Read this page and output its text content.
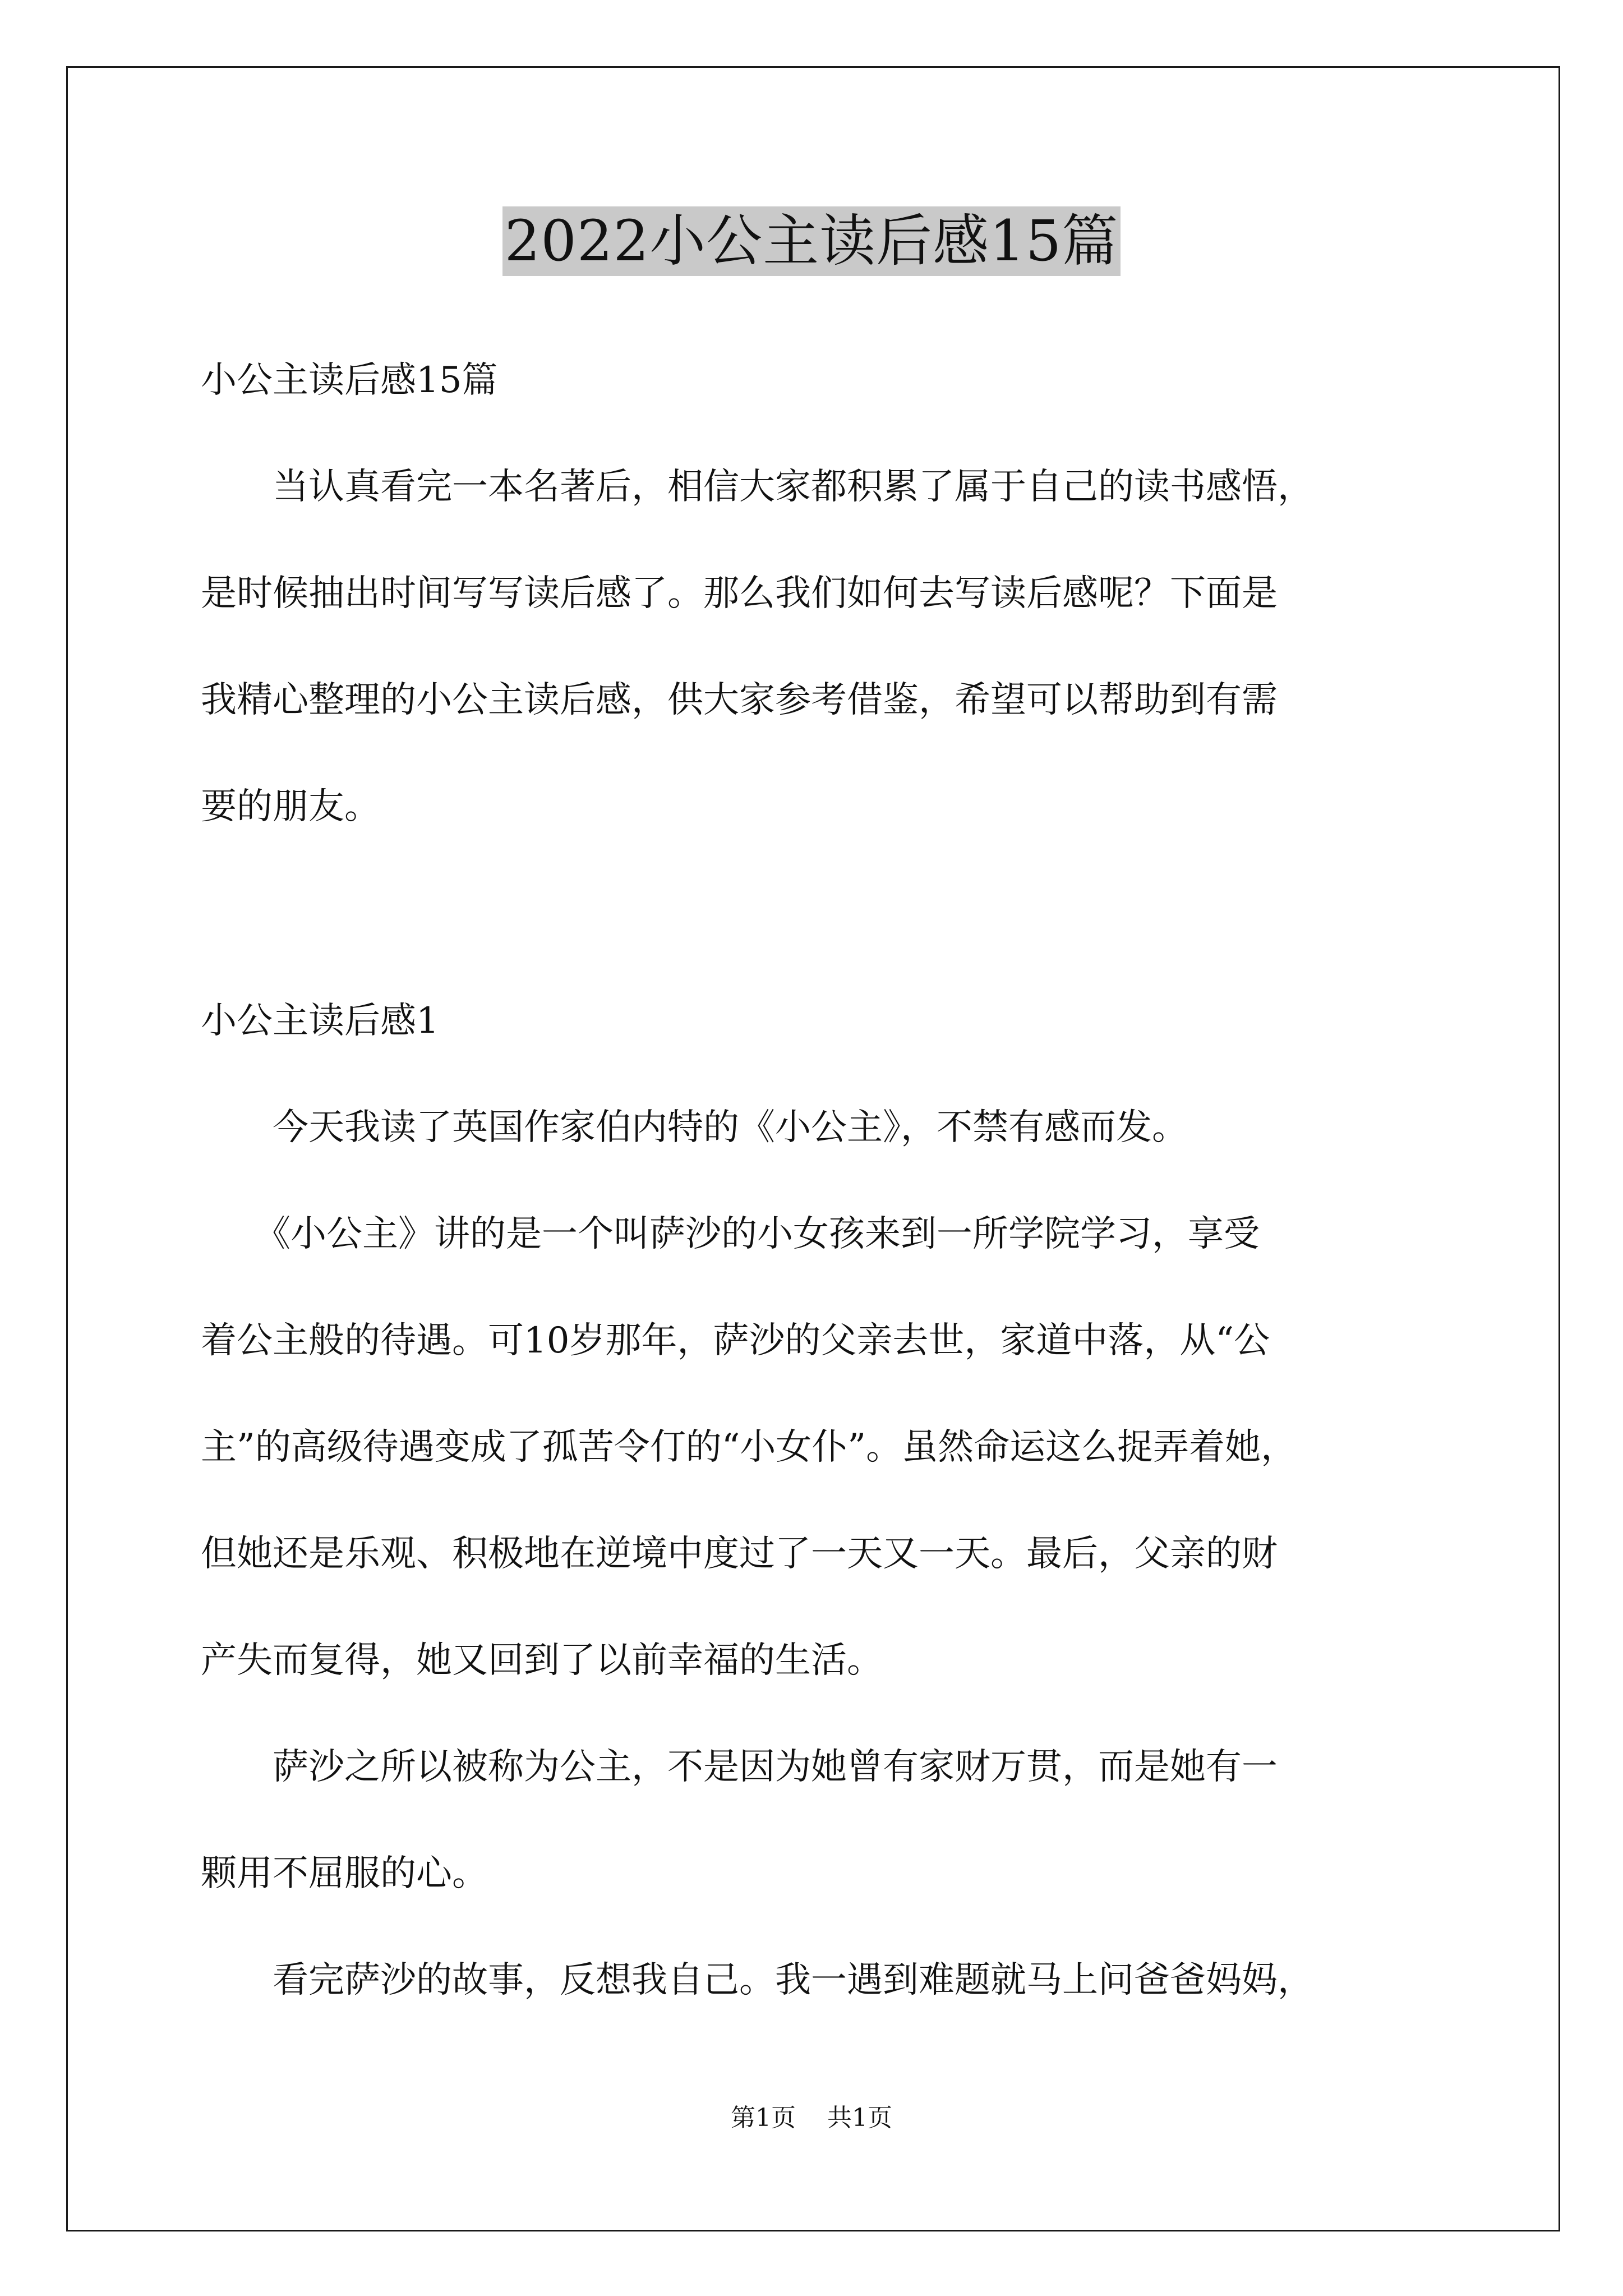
2022小公主读后感15篇
小公主读后感15篇
　　当认真看完一本名著后，相信大家都积累了属于自己的读书感悟，
是时候抽出时间写写读后感了。那么我们如何去写读后感呢？下面是
我精心整理的小公主读后感，供大家参考借鉴，希望可以帮助到有需
要的朋友。
小公主读后感1
　　今天我读了英国作家伯内特的《小公主》，不禁有感而发。
　　《小公主》讲的是一个叫萨沙的小女孩来到一所学院学习，享受
着公主般的待遇。可10岁那年，萨沙的父亲去世，家道中落，从“公
主”的高级待遇变成了孤苦令仃的“小女仆”。虽然命运这么捉弄着她，
但她还是乐观、积极地在逆境中度过了一天又一天。最后，父亲的财
产失而复得，她又回到了以前幸福的生活。
　　萨沙之所以被称为公主，不是因为她曾有家财万贯，而是她有一
颗用不屈服的心。
　　看完萨沙的故事，反想我自己。我一遇到难题就马上问爸爸妈妈，
第1页 共1页
